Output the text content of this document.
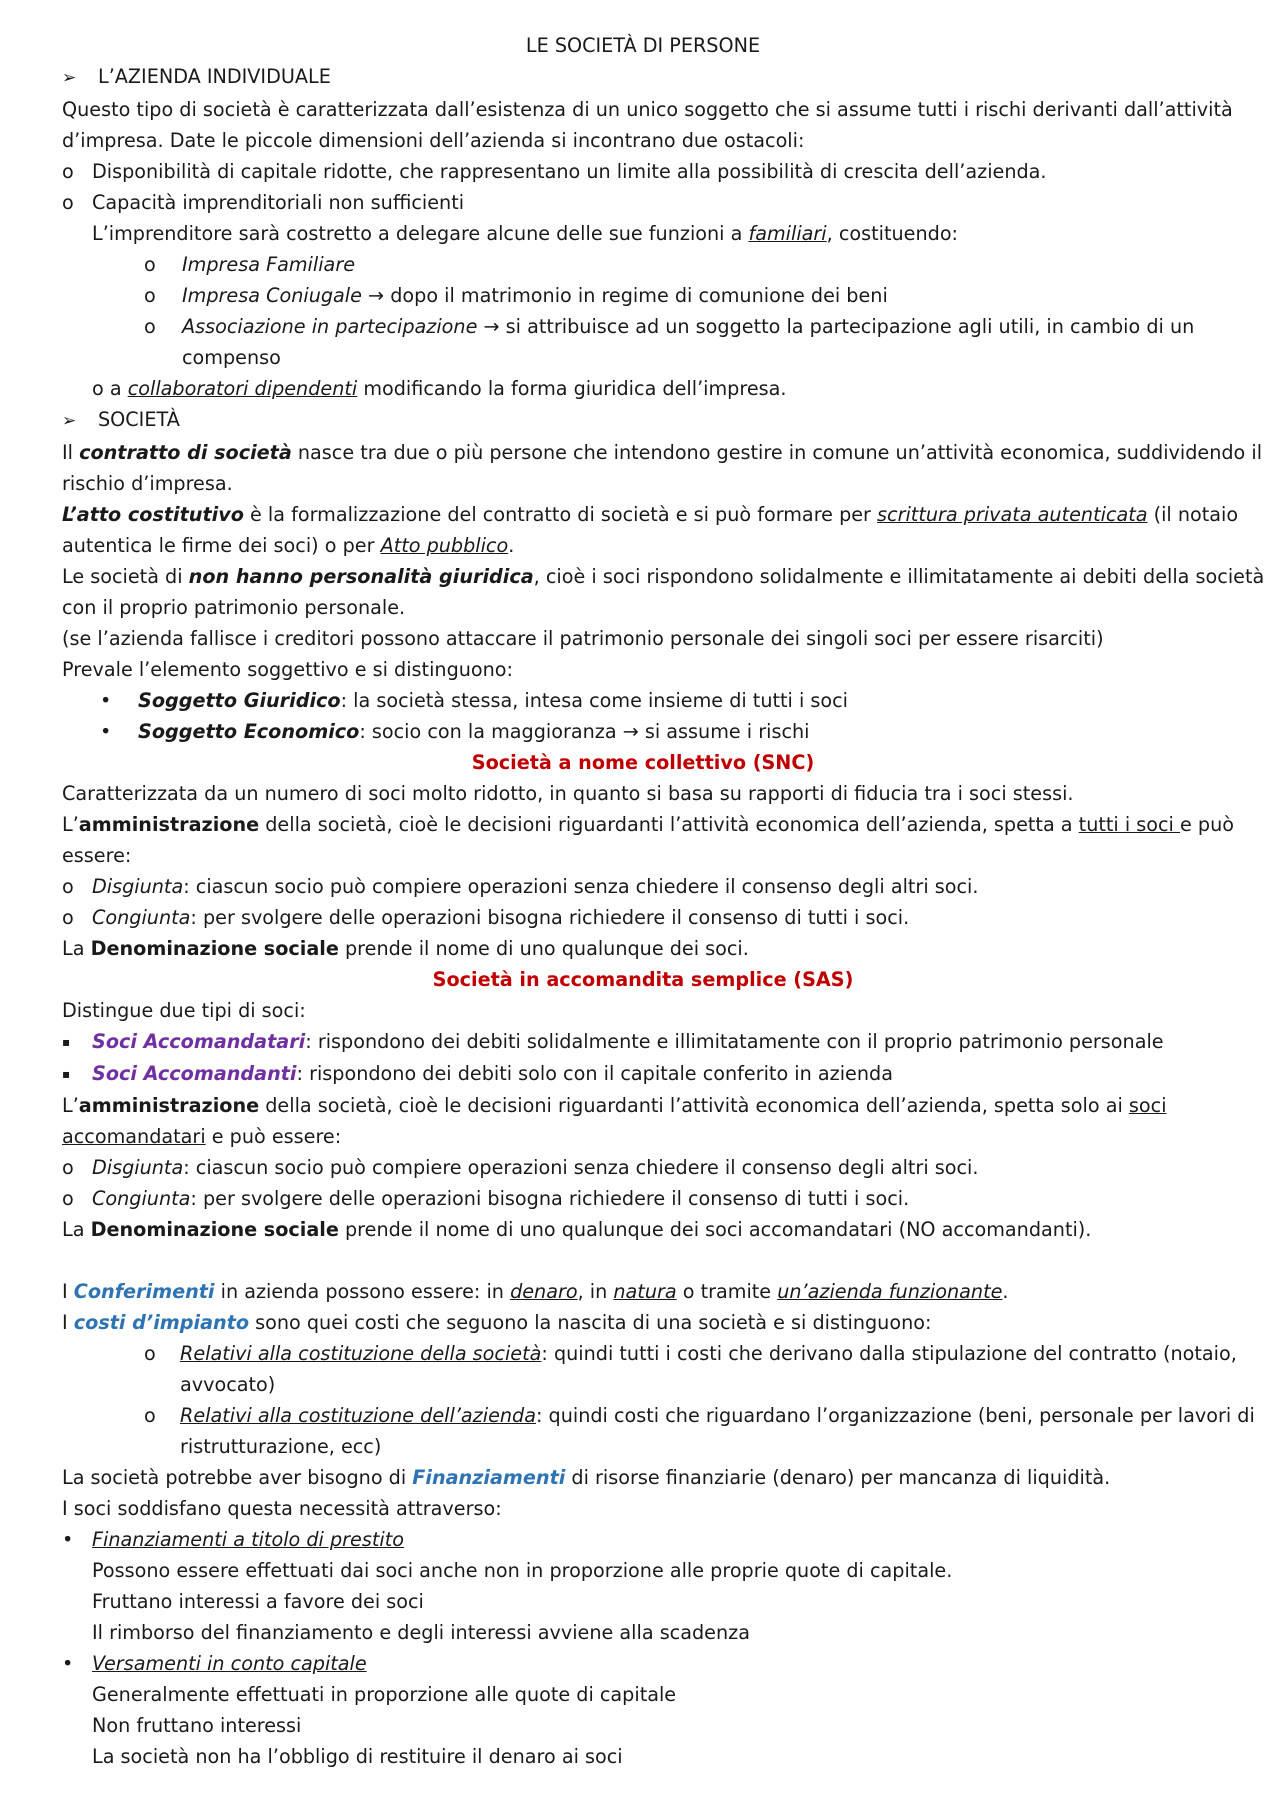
LE SOCIETÀ DI PERSONE
➢ L’AZIENDA INDIVIDUALE
Questo tipo di società è caratterizzata dall’esistenza di un unico soggetto che si assume tutti i rischi derivanti dall’attività
d’impresa. Date le piccole dimensioni dell’azienda si incontrano due ostacoli:
o Disponibilità di capitale ridotte, che rappresentano un limite alla possibilità di crescita dell’azienda.
o Capacità imprenditoriali non sufficienti
L’imprenditore sarà costretto a delegare alcune delle sue funzioni a familiari, costituendo:
o Impresa Familiare
o Impresa Coniugale → dopo il matrimonio in regime di comunione dei beni
o Associazione in partecipazione → si attribuisce ad un soggetto la partecipazione agli utili, in cambio di un
compenso
o a collaboratori dipendenti modificando la forma giuridica dell’impresa.
➢ SOCIETÀ
Il contratto di società nasce tra due o più persone che intendono gestire in comune un’attività economica, suddividendo il
rischio d’impresa.
L’atto costitutivo è la formalizzazione del contratto di società e si può formare per scrittura privata autenticata (il notaio
autentica le firme dei soci) o per Atto pubblico.
Le società di non hanno personalità giuridica, cioè i soci rispondono solidalmente e illimitatamente ai debiti della società
con il proprio patrimonio personale.
(se l’azienda fallisce i creditori possono attaccare il patrimonio personale dei singoli soci per essere risarciti)
Prevale l’elemento soggettivo e si distinguono:
• Soggetto Giuridico: la società stessa, intesa come insieme di tutti i soci
• Soggetto Economico: socio con la maggioranza → si assume i rischi
Società a nome collettivo (SNC)
Caratterizzata da un numero di soci molto ridotto, in quanto si basa su rapporti di fiducia tra i soci stessi.
L’amministrazione della società, cioè le decisioni riguardanti l’attività economica dell’azienda, spetta a tutti i soci e può
essere:
o Disgiunta: ciascun socio può compiere operazioni senza chiedere il consenso degli altri soci.
o Congiunta: per svolgere delle operazioni bisogna richiedere il consenso di tutti i soci.
La Denominazione sociale prende il nome di uno qualunque dei soci.
Società in accomandita semplice (SAS)
Distingue due tipi di soci:
▪ Soci Accomandatari: rispondono dei debiti solidalmente e illimitatamente con il proprio patrimonio personale
▪ Soci Accomandanti: rispondono dei debiti solo con il capitale conferito in azienda
L’amministrazione della società, cioè le decisioni riguardanti l’attività economica dell’azienda, spetta solo ai soci
accomandatari e può essere:
o Disgiunta: ciascun socio può compiere operazioni senza chiedere il consenso degli altri soci.
o Congiunta: per svolgere delle operazioni bisogna richiedere il consenso di tutti i soci.
La Denominazione sociale prende il nome di uno qualunque dei soci accomandatari (NO accomandanti).
I Conferimenti in azienda possono essere: in denaro, in natura o tramite un’azienda funzionante.
I costi d’impianto sono quei costi che seguono la nascita di una società e si distinguono:
o Relativi alla costituzione della società: quindi tutti i costi che derivano dalla stipulazione del contratto (notaio,
avvocato)
o Relativi alla costituzione dell’azienda: quindi costi che riguardano l’organizzazione (beni, personale per lavori di
ristrutturazione, ecc)
La società potrebbe aver bisogno di Finanziamenti di risorse finanziarie (denaro) per mancanza di liquidità.
I soci soddisfano questa necessità attraverso:
• Finanziamenti a titolo di prestito
Possono essere effettuati dai soci anche non in proporzione alle proprie quote di capitale.
Fruttano interessi a favore dei soci
Il rimborso del finanziamento e degli interessi avviene alla scadenza
• Versamenti in conto capitale
Generalmente effettuati in proporzione alle quote di capitale
Non fruttano interessi
La società non ha l’obbligo di restituire il denaro ai soci
